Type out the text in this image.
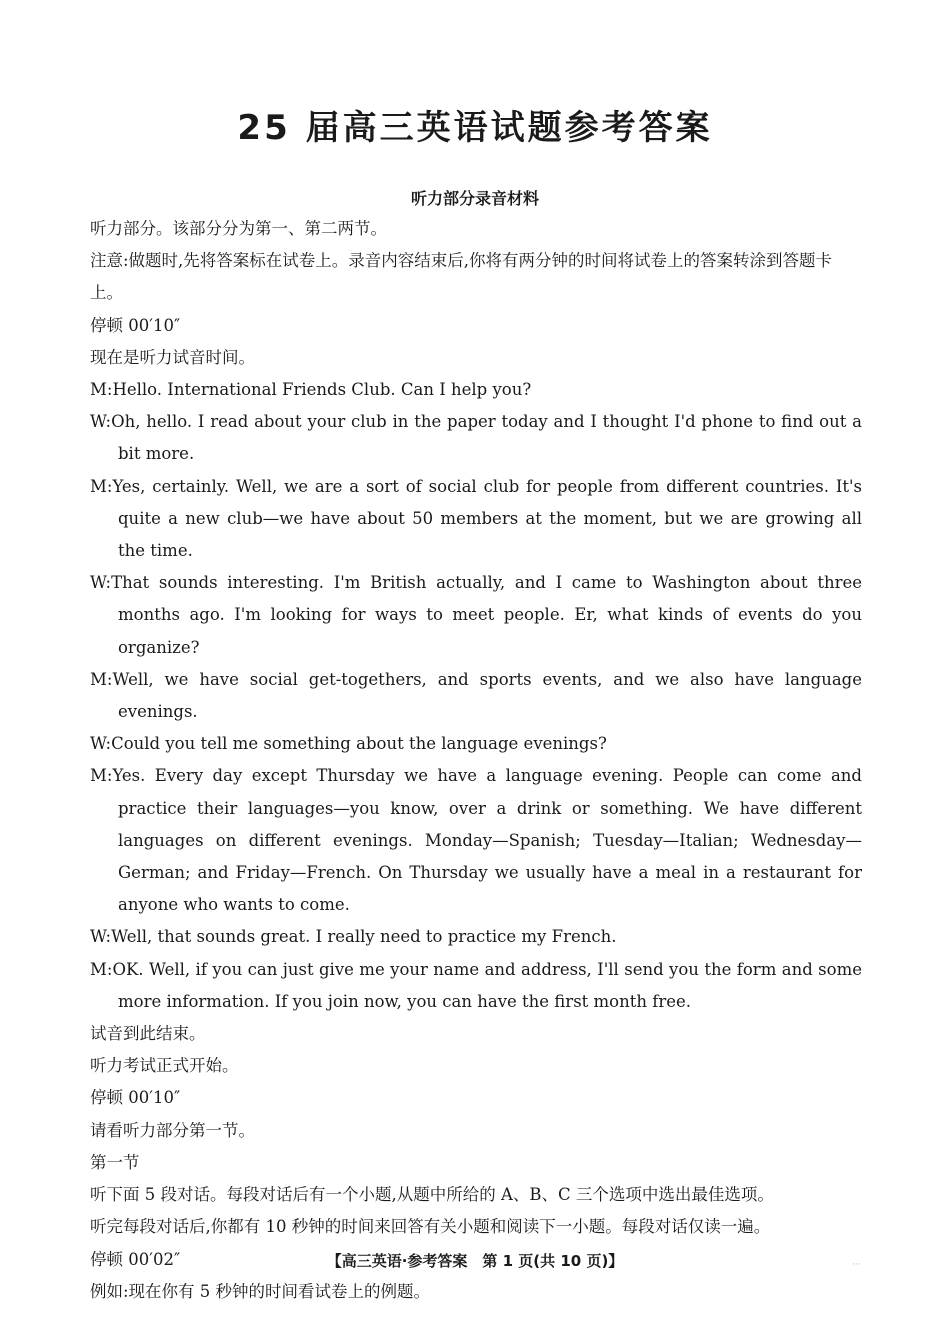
25 届高三英语试题参考答案
听力部分录音材料
听力部分。该部分分为第一、第二两节。
注意:做题时,先将答案标在试卷上。录音内容结束后,你将有两分钟的时间将试卷上的答案转涂到答题卡上。
停顿 00′10″
现在是听力试音时间。
M:Hello. International Friends Club. Can I help you?
W:Oh, hello. I read about your club in the paper today and I thought I'd phone to find out a bit more.
M:Yes, certainly. Well, we are a sort of social club for people from different countries. It's quite a new club—we have about 50 members at the moment, but we are growing all the time.
W:That sounds interesting. I'm British actually, and I came to Washington about three months ago. I'm looking for ways to meet people. Er, what kinds of events do you organize?
M:Well, we have social get-togethers, and sports events, and we also have language evenings.
W:Could you tell me something about the language evenings?
M:Yes. Every day except Thursday we have a language evening. People can come and practice their languages—you know, over a drink or something. We have different languages on different evenings. Monday—Spanish; Tuesday—Italian; Wednesday—German; and Friday—French. On Thursday we usually have a meal in a restaurant for anyone who wants to come.
W:Well, that sounds great. I really need to practice my French.
M:OK. Well, if you can just give me your name and address, I'll send you the form and some more information. If you join now, you can have the first month free.
试音到此结束。
听力考试正式开始。
停顿 00′10″
请看听力部分第一节。
第一节
听下面 5 段对话。每段对话后有一个小题,从题中所给的 A、B、C 三个选项中选出最佳选项。
听完每段对话后,你都有 10 秒钟的时间来回答有关小题和阅读下一小题。每段对话仅读一遍。
停顿 00′02″
例如:现在你有 5 秒钟的时间看试卷上的例题。
【高三英语·参考答案　第 1 页(共 10 页)】	···
